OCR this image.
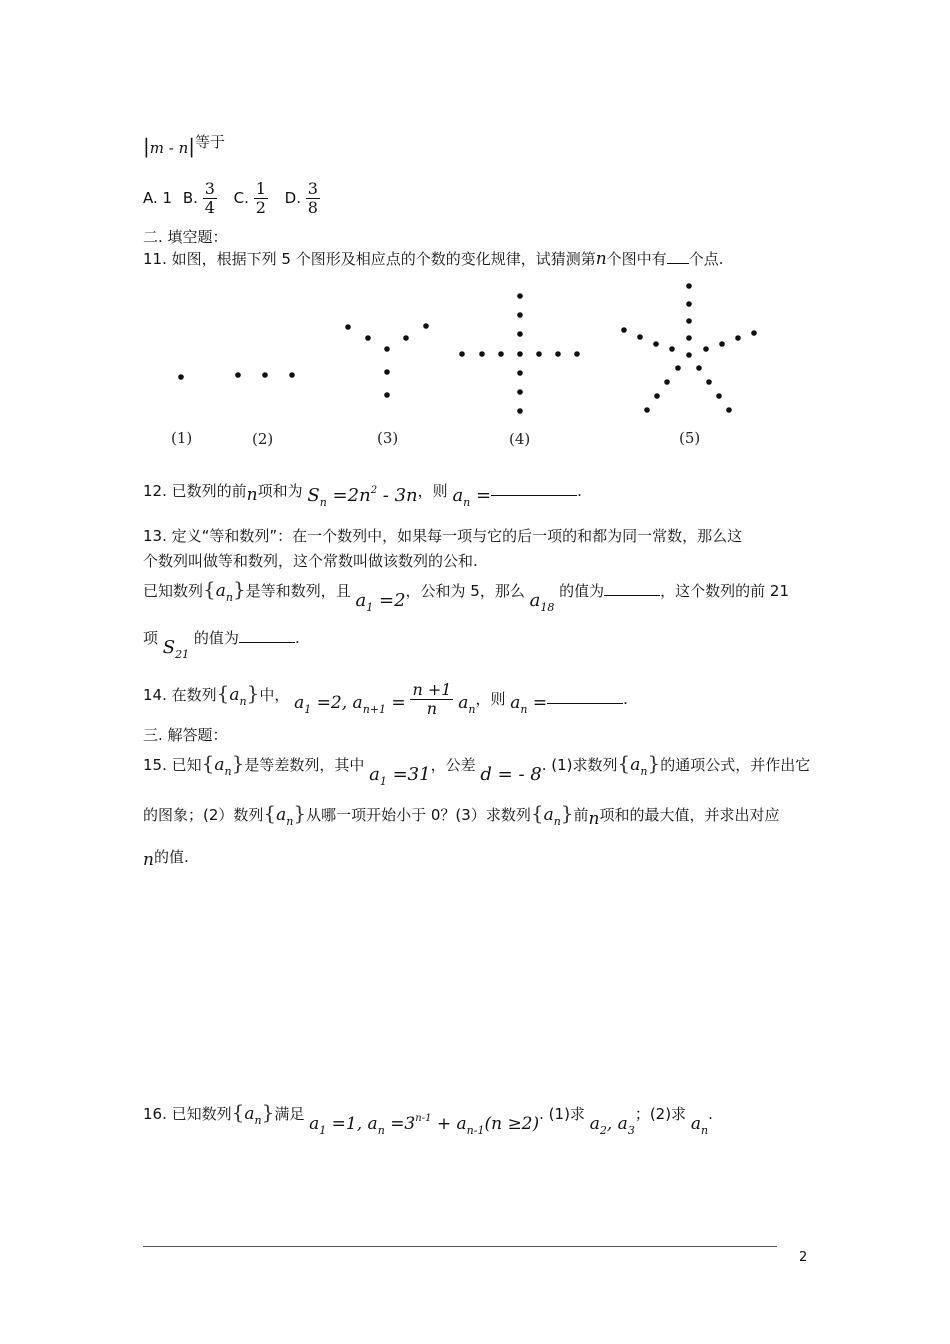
|m - n| 等于
A. 1 B. $\frac{3}{4} C$. $\frac{1}{2} D$. $\frac{3}{8}$
二. 填空题：
11. 如图，根据下列 5 个图形及相应点的个数的变化规律，试猜测第n个图中有 个点.
(1)	(2)	(3)	(4)	(5)
12. 已数列的前n项和为 $S_n =2n^2 - 3n$，则 $a_n$ =	.
13. 定义“等和数列”：在一个数列中，如果每一项与它的后一项的和都为同一常数，那么这
个数列叫做等和数列，这个常数叫做该数列的公和.
已知数列$\{a_n\}$是等和数列，且 $a_1 =2$，公和为 5，那么 $a_{18}$ 的值为	，这个数列的前 21
项 $S_{21}$ 的值为	.
14. 在数列$\{a_n\}$中， $a_1 =2$, $a_{n+1} = \frac{n +1}{n} a_n$，则 $a_n$ =	.
三. 解答题：
15. 已知$\{a_n\}$是等差数列，其中 $a_1 =31$，公差 d = - 8. (1)求数列$\{a_n\}$的通项公式，并作出它
的图象；(2）数列$\{a_n\}$从哪一项开始小于 0？(3）求数列$\{a_n\}$前n项和的最大值，并求出对应
n的值.
16. 已知数列$\{a_n\}$满足 $a_1 =1$, $a_n =3^{n-1} + a_{n-1}(n \ge 2)$. (1)求 $a_2$, $a_3$；(2)求 $a_n$.
2
